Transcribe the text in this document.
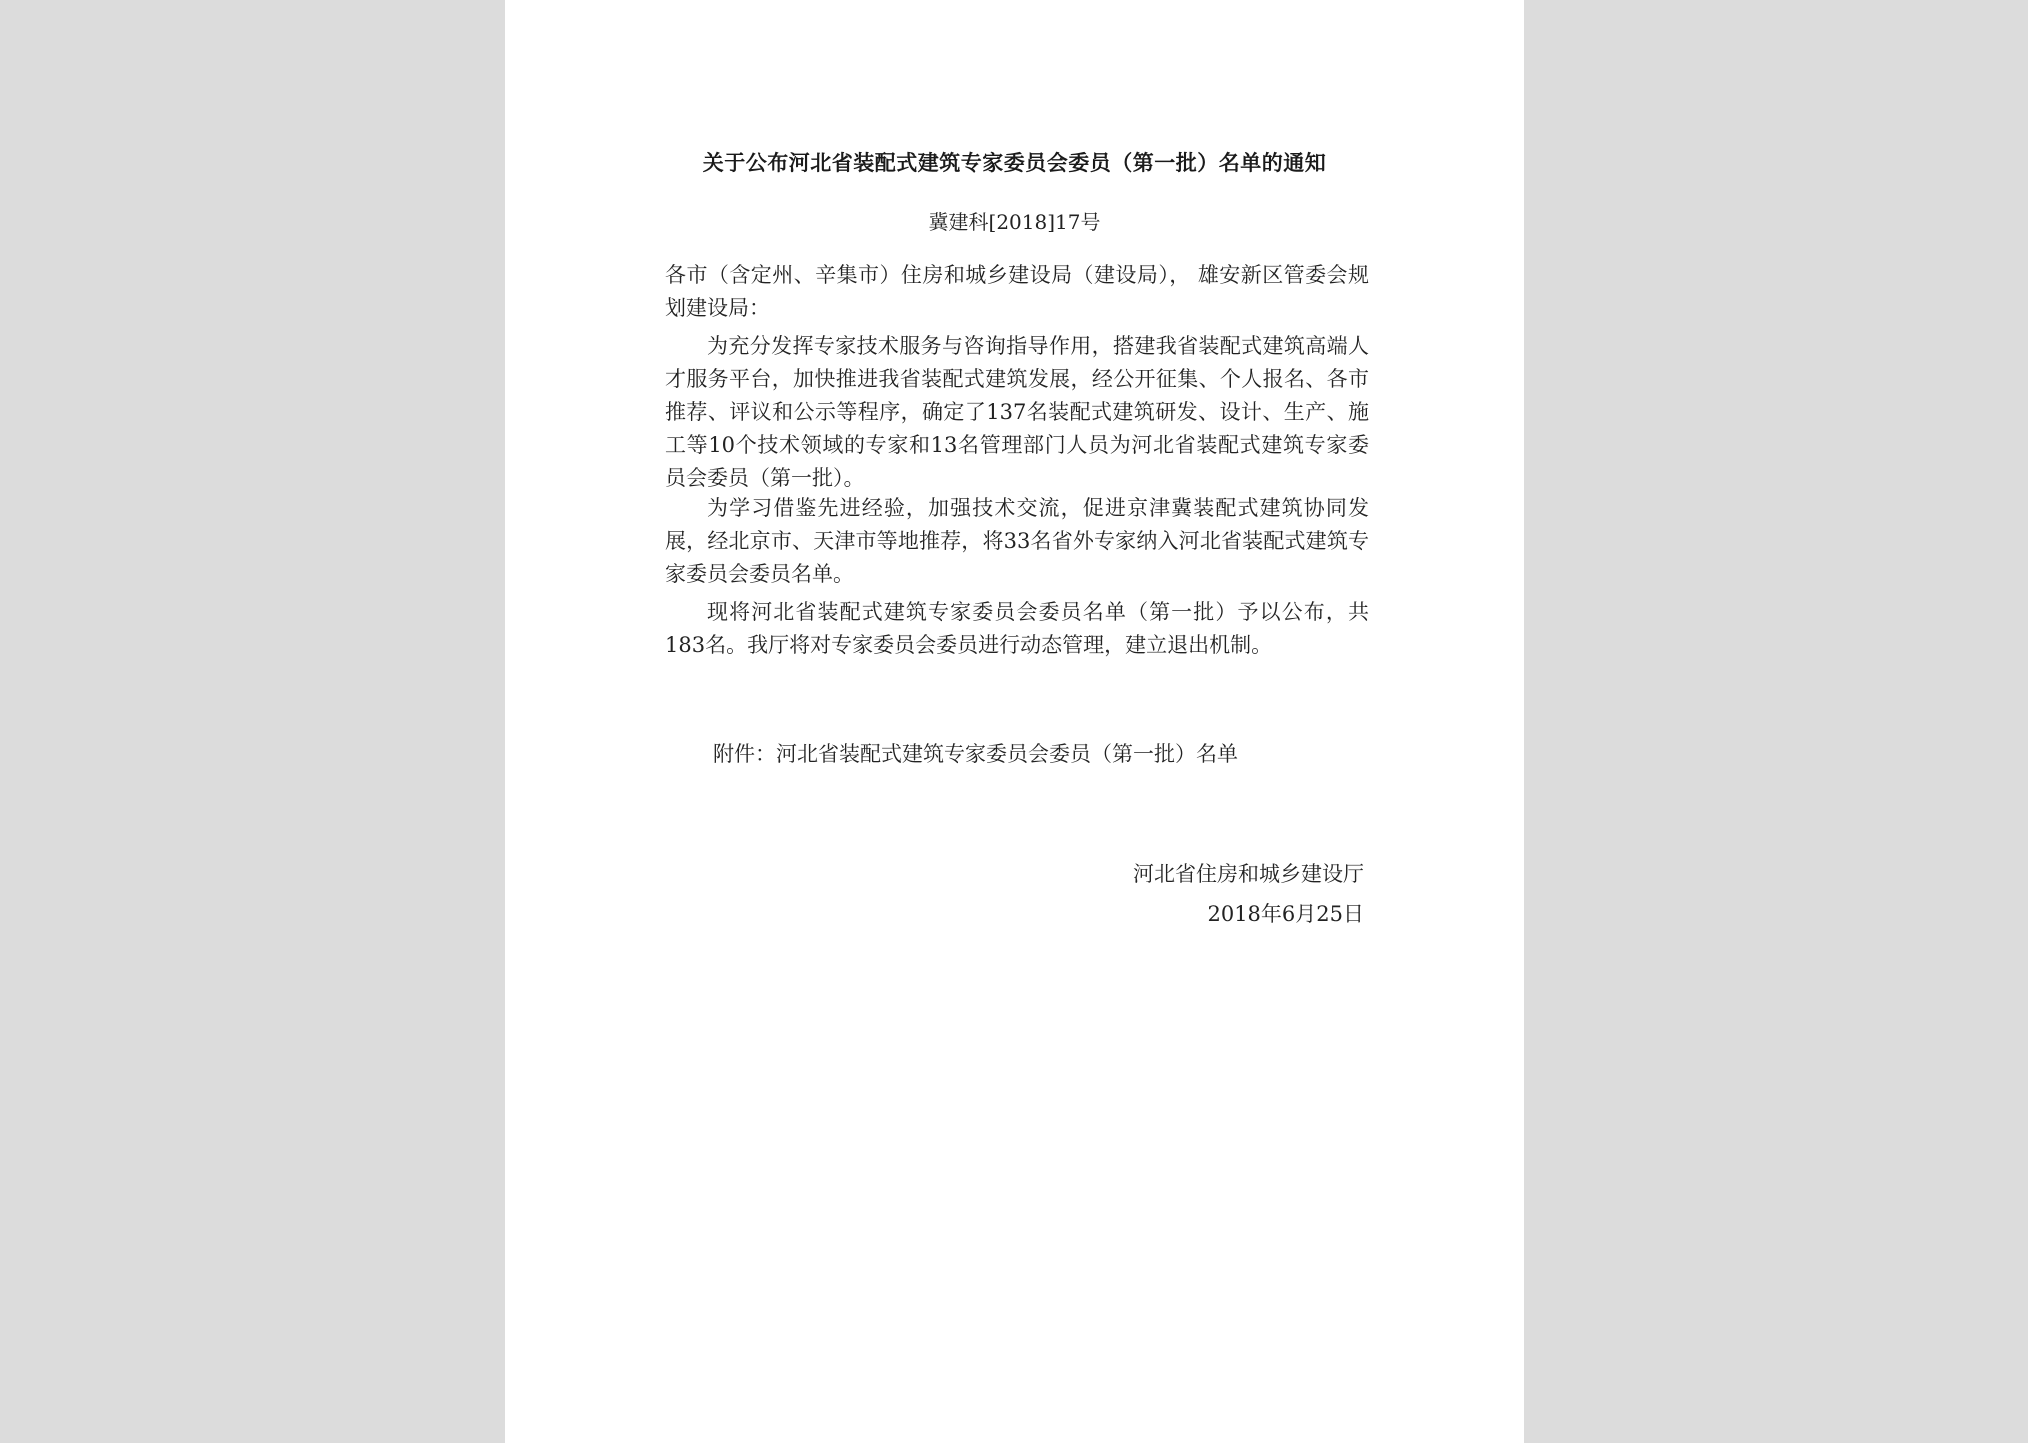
关于公布河北省装配式建筑专家委员会委员（第一批）名单的通知
冀建科[2018]17号

各市（含定州、辛集市）住房和城乡建设局（建设局）， 雄安新区管委会规划建设局：

为充分发挥专家技术服务与咨询指导作用，搭建我省装配式建筑高端人才服务平台，加快推进我省装配式建筑发展，经公开征集、个人报名、各市推荐、评议和公示等程序，确定了137名装配式建筑研发、设计、生产、施工等10个技术领域的专家和13名管理部门人员为河北省装配式建筑专家委员会委员（第一批）。

为学习借鉴先进经验，加强技术交流，促进京津冀装配式建筑协同发展，经北京市、天津市等地推荐，将33名省外专家纳入河北省装配式建筑专家委员会委员名单。

现将河北省装配式建筑专家委员会委员名单（第一批）予以公布，共183名。我厅将对专家委员会委员进行动态管理，建立退出机制。

附件：河北省装配式建筑专家委员会委员（第一批）名单
河北省住房和城乡建设厅
2018年6月25日
